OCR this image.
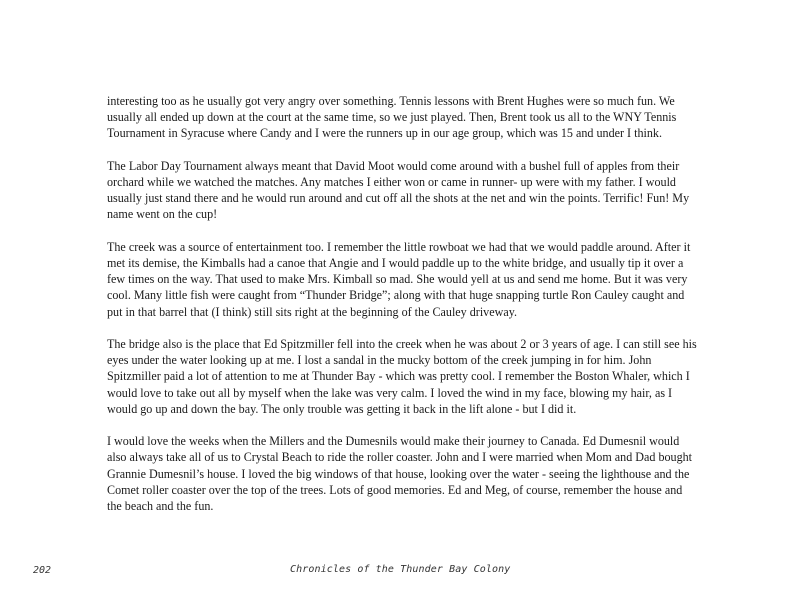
interesting too as he usually got very angry over something. Tennis lessons with Brent Hughes were so much fun. We usually all ended up down at the court at the same time, so we just played. Then, Brent took us all to the WNY Tennis Tournament in Syracuse where Candy and I were the runners up in our age group, which was 15 and under I think.

The Labor Day Tournament always meant that David Moot would come around with a bushel full of apples from their orchard while we watched the matches. Any matches I either won or came in runner- up were with my father. I would usually just stand there and he would run around and cut off all the shots at the net and win the points. Terrific! Fun! My name went on the cup!

The creek was a source of entertainment too. I remember the little rowboat we had that we would paddle around. After it met its demise, the Kimballs had a canoe that Angie and I would paddle up to the white bridge, and usually tip it over a few times on the way. That used to make Mrs. Kimball so mad. She would yell at us and send me home. But it was very cool. Many little fish were caught from “Thunder Bridge”; along with that huge snapping turtle Ron Cauley caught and put in that barrel that (I think) still sits right at the beginning of the Cauley driveway.

The bridge also is the place that Ed Spitzmiller fell into the creek when he was about 2 or 3 years of age. I can still see his eyes under the water looking up at me. I lost a sandal in the mucky bottom of the creek jumping in for him. John Spitzmiller paid a lot of attention to me at Thunder Bay - which was pretty cool. I remember the Boston Whaler, which I would love to take out all by myself when the lake was very calm. I loved the wind in my face, blowing my hair, as I would go up and down the bay. The only trouble was getting it back in the lift alone - but I did it.

I would love the weeks when the Millers and the Dumesnils would make their journey to Canada. Ed Dumesnil would also always take all of us to Crystal Beach to ride the roller coaster. John and I were married when Mom and Dad bought Grannie Dumesnil’s house. I loved the big windows of that house, looking over the water - seeing the lighthouse and the Comet roller coaster over the top of the trees. Lots of good memories. Ed and Meg, of course, remember the house and the beach and the fun.

202	Chronicles of the Thunder Bay Colony
